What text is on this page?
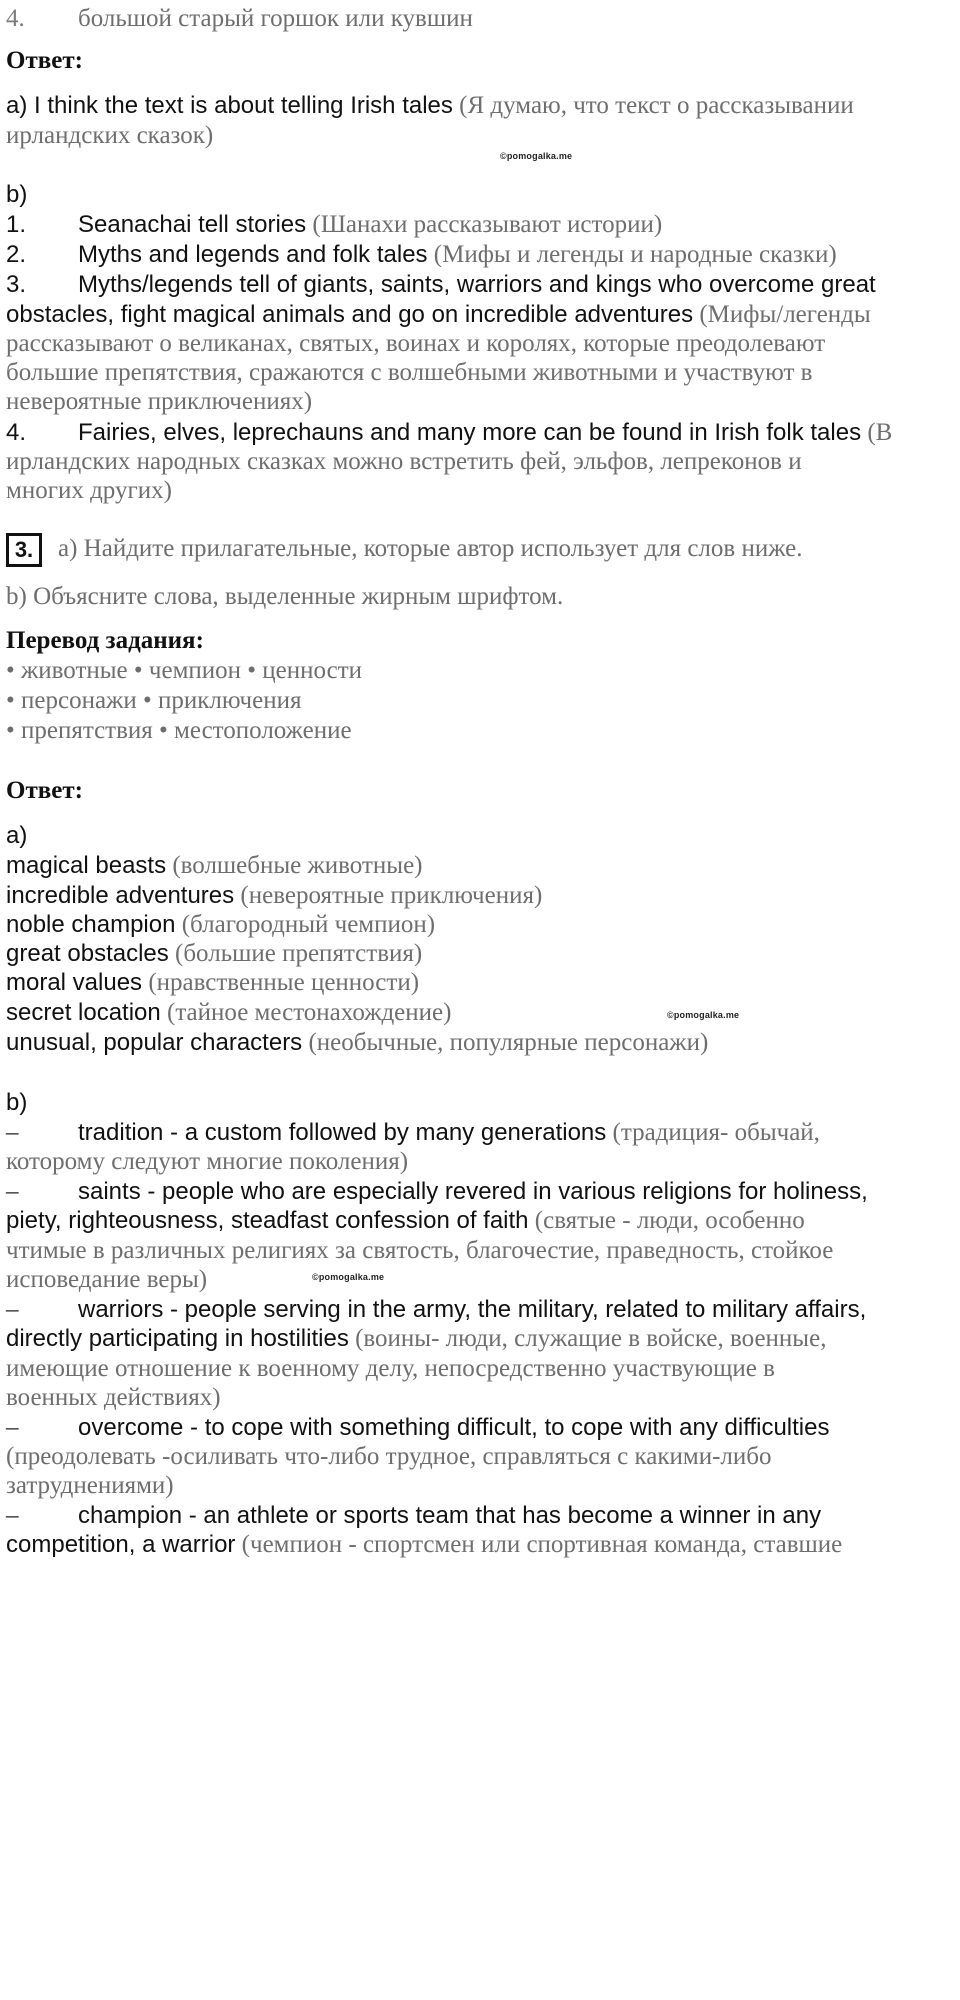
4. большой старый горшок или кувшин
Ответ:
a) I think the text is about telling Irish tales (Я думаю, что текст о рассказывании
ирландских сказок)
©pomogalka.me
b)
1. Seanachai tell stories (Шанахи рассказывают истории)
2. Myths and legends and folk tales (Мифы и легенды и народные сказки)
3. Myths/legends tell of giants, saints, warriors and kings who overcome great
obstacles, fight magical animals and go on incredible adventures (Мифы/легенды
рассказывают о великанах, святых, воинах и королях, которые преодолевают
большие препятствия, сражаются с волшебными животными и участвуют в
невероятные приключениях)
4. Fairies, elves, leprechauns and many more can be found in Irish folk tales (В
ирландских народных сказках можно встретить фей, эльфов, лепреконов и
многих других)
3. a) Найдите прилагательные, которые автор использует для слов ниже.
b) Объясните слова, выделенные жирным шрифтом.
Перевод задания:
• животные • чемпион • ценности
• персонажи • приключения
• препятствия • местоположение
Ответ:
a)
magical beasts (волшебные животные)
incredible adventures (невероятные приключения)
noble champion (благородный чемпион)
great obstacles (большие препятствия)
moral values (нравственные ценности)
secret location (тайное местонахождение)	©pomogalka.me
unusual, popular characters (необычные, популярные персонажи)
b)
– tradition - a custom followed by many generations (традиция- обычай,
которому следуют многие поколения)
– saints - people who are especially revered in various religions for holiness,
piety, righteousness, steadfast confession of faith (святые - люди, особенно
чтимые в различных религиях за святость, благочестие, праведность, стойкое
исповедание веры)	©pomogalka.me
– warriors - people serving in the army, the military, related to military affairs,
directly participating in hostilities (воины- люди, служащие в войске, военные,
имеющие отношение к военному делу, непосредственно участвующие в
военных действиях)
– overcome - to cope with something difficult, to cope with any difficulties
(преодолевать -осиливать что-либо трудное, справляться с какими-либо
затруднениями)
– champion - an athlete or sports team that has become a winner in any
competition, a warrior (чемпион - спортсмен или спортивная команда, ставшие
